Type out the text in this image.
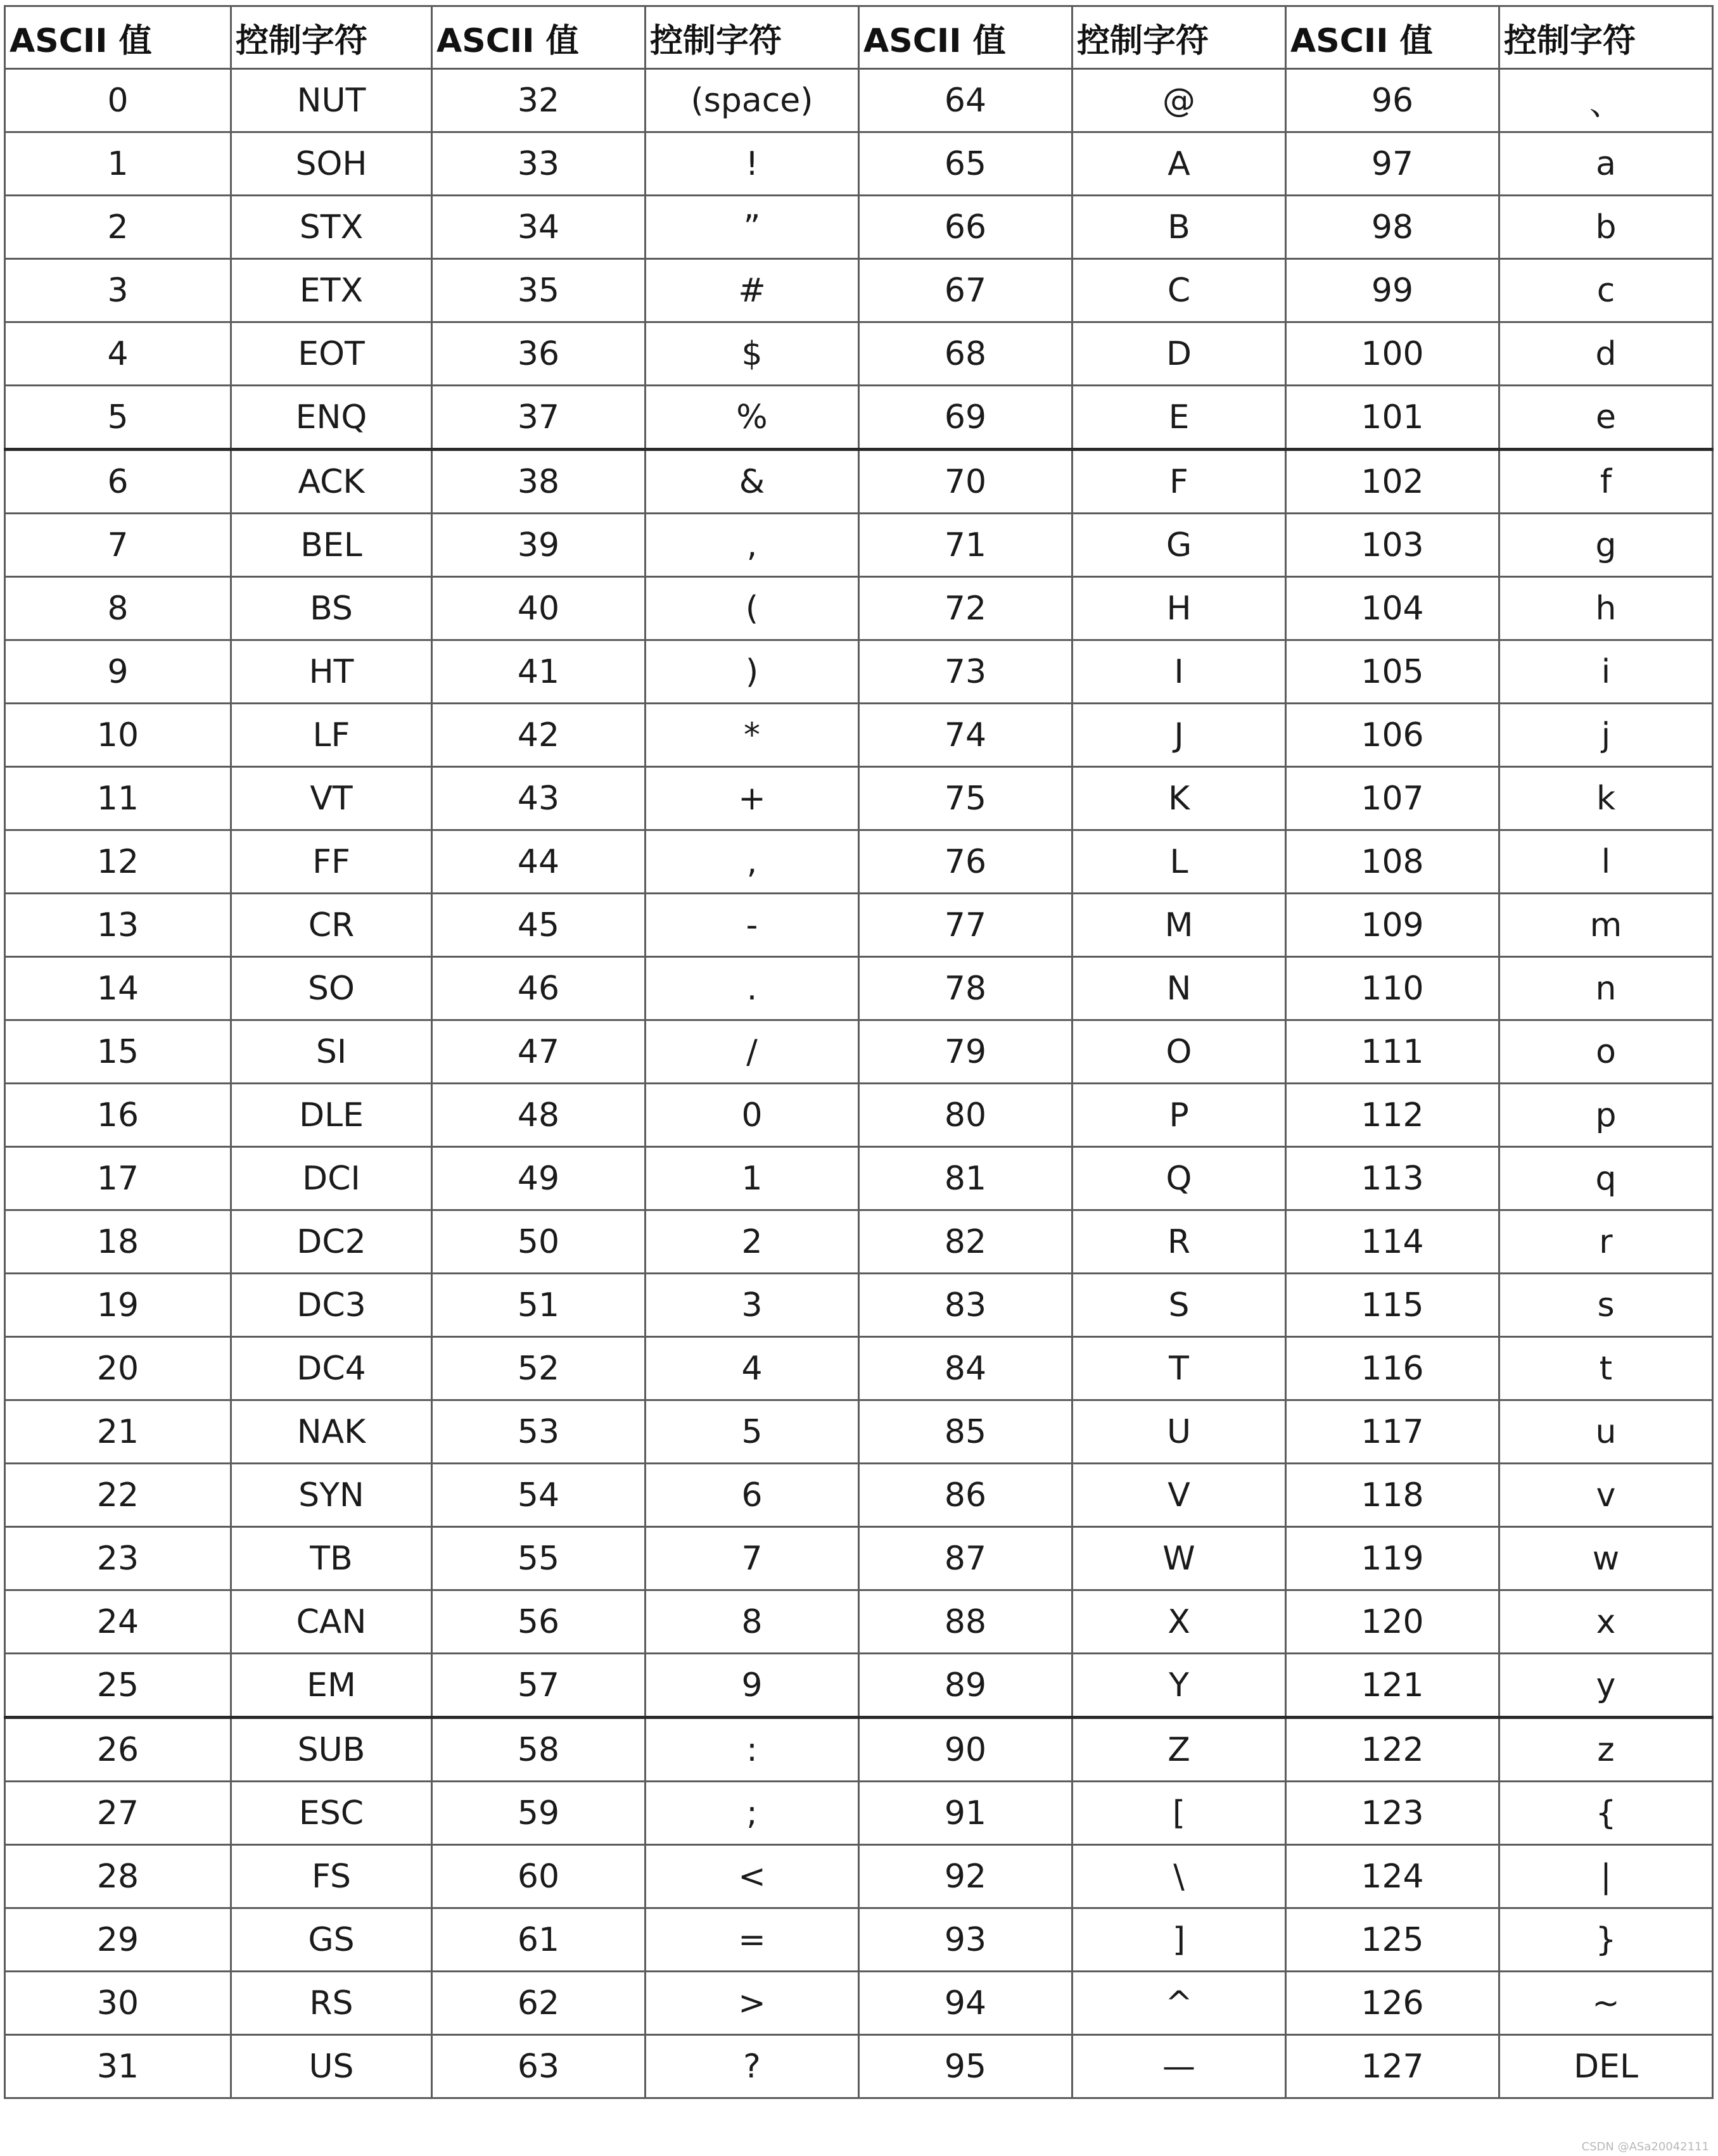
ASCII 值	控制字符	ASCII 值	控制字符	ASCII 值	控制字符	ASCII 值	控制字符
0	NUT	32	(space)	64	@	96	、
1	SOH	33	!	65	A	97	a
2	STX	34	”	66	B	98	b
3	ETX	35	#	67	C	99	c
4	EOT	36	$	68	D	100	d
5	ENQ	37	%	69	E	101	e
6	ACK	38	&	70	F	102	f
7	BEL	39	,	71	G	103	g
8	BS	40	(	72	H	104	h
9	HT	41	)	73	I	105	i
10	LF	42	*	74	J	106	j
11	VT	43	+	75	K	107	k
12	FF	44	,	76	L	108	l
13	CR	45	-	77	M	109	m
14	SO	46	.	78	N	110	n
15	SI	47	/	79	O	111	o
16	DLE	48	0	80	P	112	p
17	DCI	49	1	81	Q	113	q
18	DC2	50	2	82	R	114	r
19	DC3	51	3	83	S	115	s
20	DC4	52	4	84	T	116	t
21	NAK	53	5	85	U	117	u
22	SYN	54	6	86	V	118	v
23	TB	55	7	87	W	119	w
24	CAN	56	8	88	X	120	x
25	EM	57	9	89	Y	121	y
26	SUB	58	:	90	Z	122	z
27	ESC	59	;	91	[	123	{
28	FS	60	<	92	\	124	|
29	GS	61	=	93	]	125	}
30	RS	62	>	94	^	126	~
31	US	63	?	95	—	127	DEL
CSDN @ASa20042111
